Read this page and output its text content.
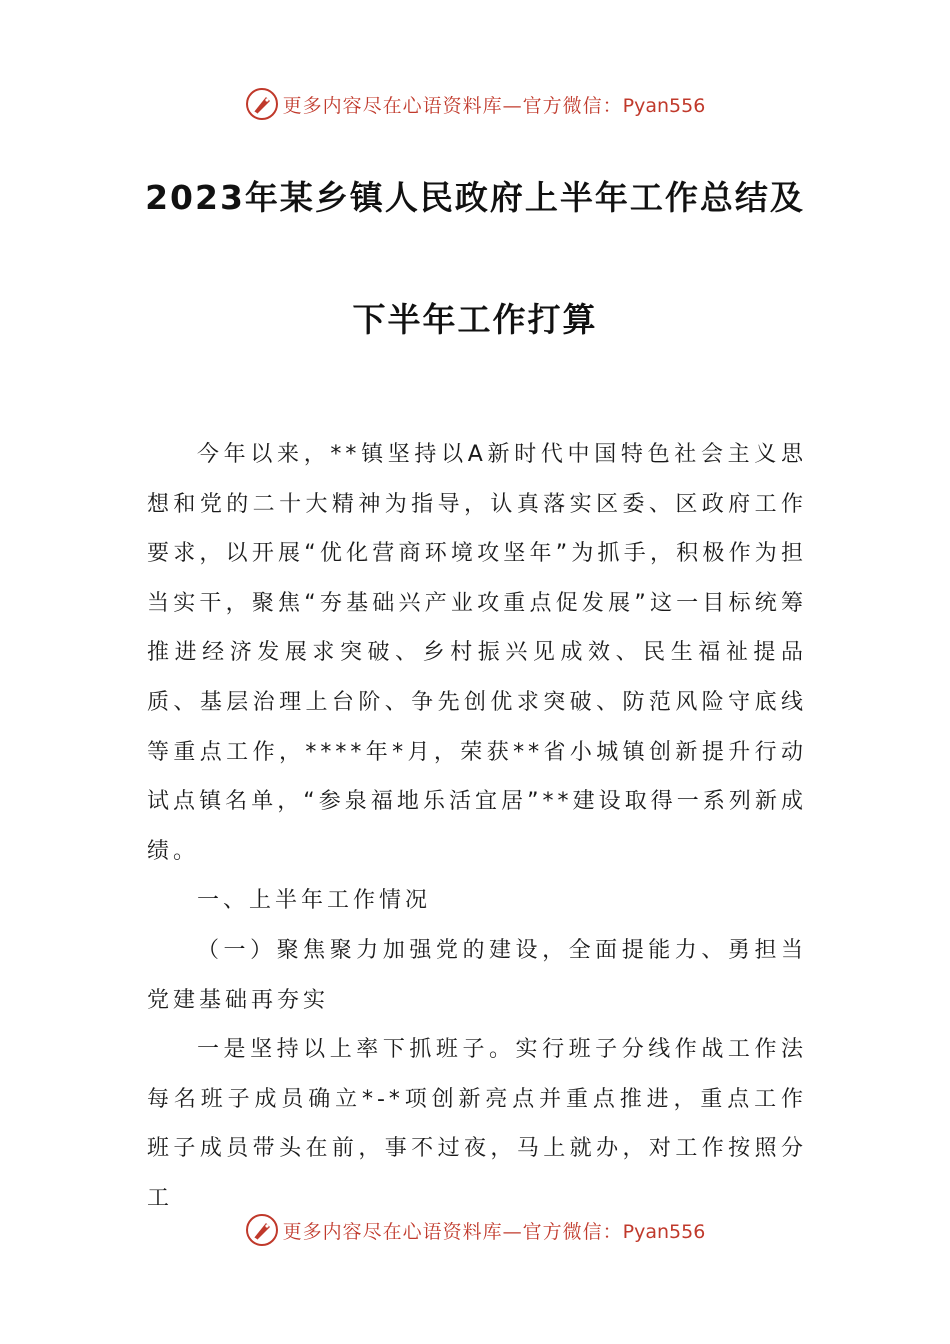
更多内容尽在心语资料库—官方微信：Pyan556
2023年某乡镇人民政府上半年工作总结及
下半年工作打算

今年以来，**镇坚持以A新时代中国特色社会主义思想和党的二十大精神为指导，认真落实区委、区政府工作要求，以开展“优化营商环境攻坚年”为抓手，积极作为担当实干，聚焦“夯基础兴产业攻重点促发展”这一目标统筹推进经济发展求突破、乡村振兴见成效、民生福祉提品质、基层治理上台阶、争先创优求突破、防范风险守底线等重点工作，****年*月，荣获**省小城镇创新提升行动试点镇名单，“参泉福地乐活宜居”**建设取得一系列新成绩。

一、上半年工作情况

（一）聚焦聚力加强党的建设，全面提能力、勇担当党建基础再夯实

一是坚持以上率下抓班子。实行班子分线作战工作法每名班子成员确立*-*项创新亮点并重点推进，重点工作班子成员带头在前，事不过夜，马上就办，对工作按照分工

更多内容尽在心语资料库—官方微信：Pyan556
